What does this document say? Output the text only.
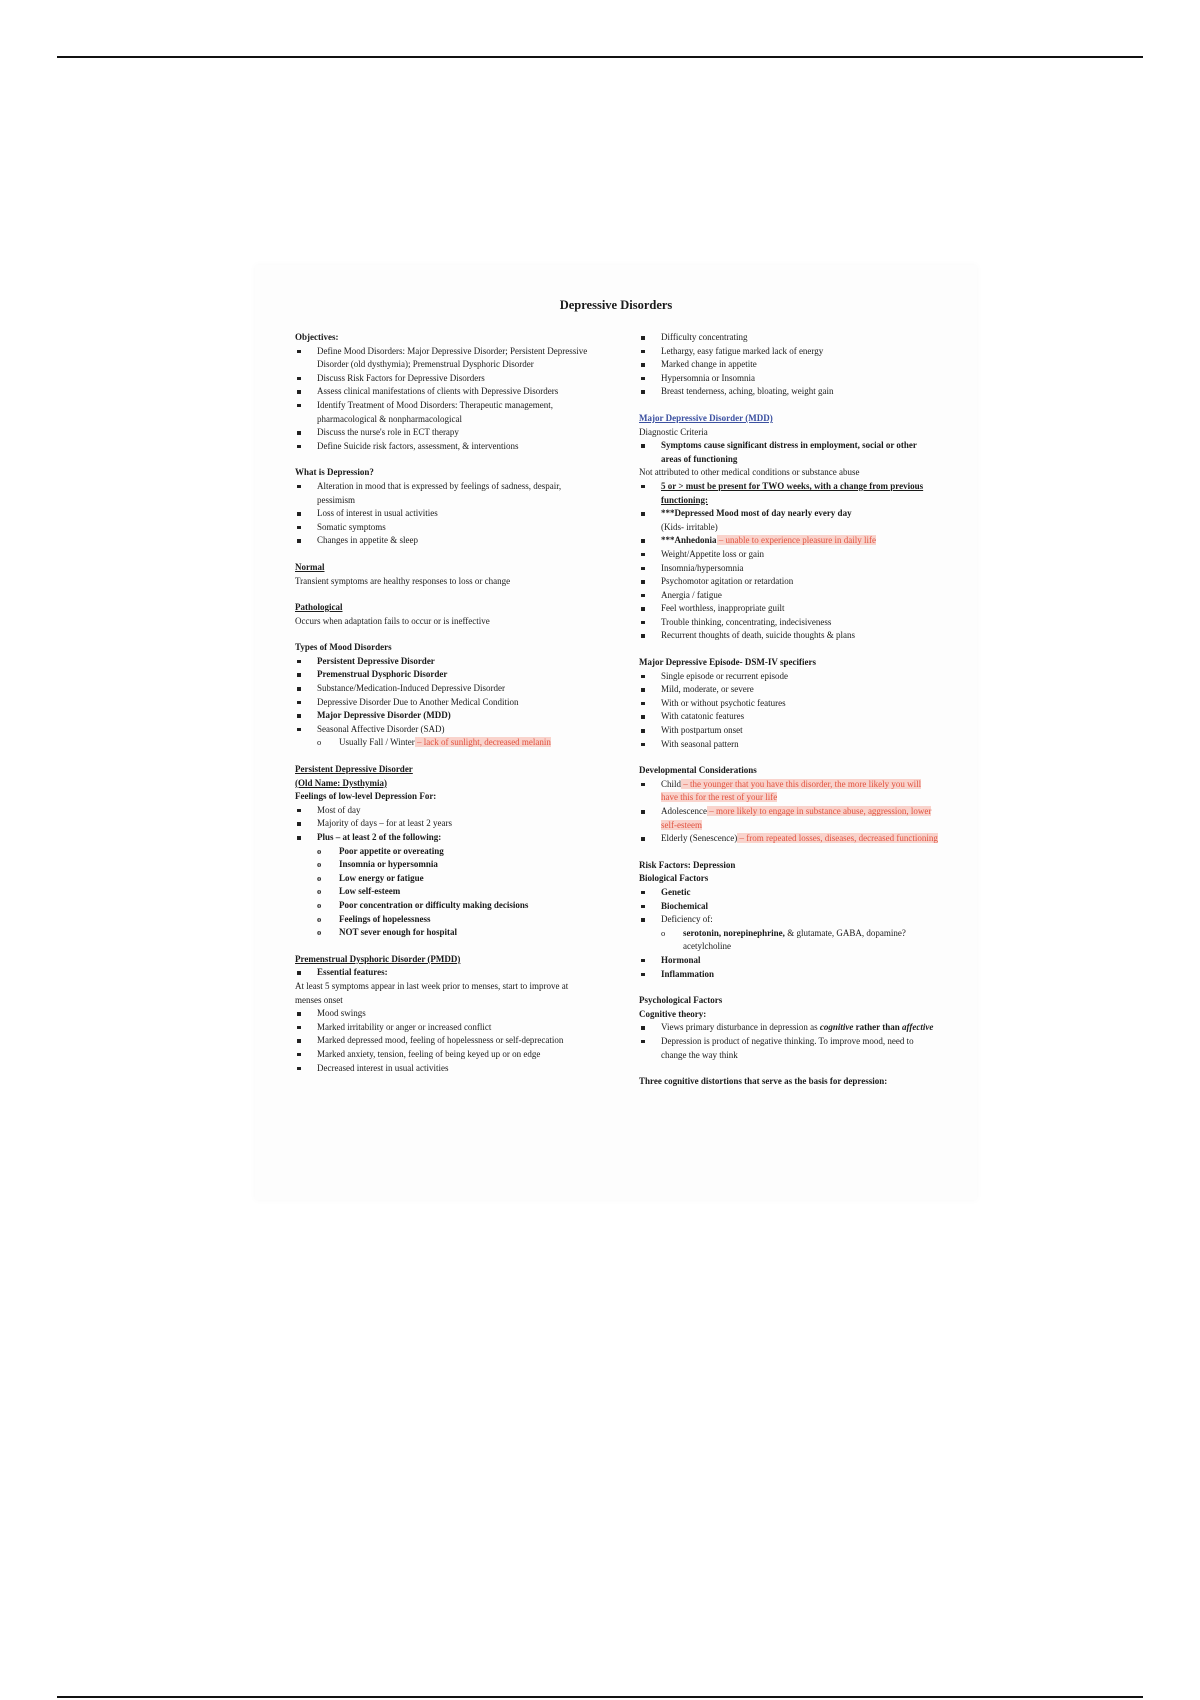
Depressive Disorders
Objectives:
Define Mood Disorders: Major Depressive Disorder; Persistent Depressive Disorder (old dysthymia); Premenstrual Dysphoric Disorder
Discuss Risk Factors for Depressive Disorders
Assess clinical manifestations of clients with Depressive Disorders
Identify Treatment of Mood Disorders: Therapeutic management, pharmacological & nonpharmacological
Discuss the nurse's role in ECT therapy
Define Suicide risk factors, assessment, & interventions
What is Depression?
Alteration in mood that is expressed by feelings of sadness, despair, pessimism
Loss of interest in usual activities
Somatic symptoms
Changes in appetite & sleep
Normal
Transient symptoms are healthy responses to loss or change
Pathological
Occurs when adaptation fails to occur or is ineffective
Types of Mood Disorders
Persistent Depressive Disorder
Premenstrual Dysphoric Disorder
Substance/Medication-Induced Depressive Disorder
Depressive Disorder Due to Another Medical Condition
Major Depressive Disorder (MDD)
Seasonal Affective Disorder (SAD)
o Usually Fall / Winter – lack of sunlight, decreased melanin
Persistent Depressive Disorder
(Old Name: Dysthymia)
Feelings of low-level Depression For:
Most of day
Majority of days – for at least 2 years
Plus – at least 2 of the following:
o Poor appetite or overeating
o Insomnia or hypersomnia
o Low energy or fatigue
o Low self-esteem
o Poor concentration or difficulty making decisions
o Feelings of hopelessness
o NOT sever enough for hospital
Premenstrual Dysphoric Disorder (PMDD)
Essential features:
At least 5 symptoms appear in last week prior to menses, start to improve at menses onset
Mood swings
Marked irritability or anger or increased conflict
Marked depressed mood, feeling of hopelessness or self-deprecation
Marked anxiety, tension, feeling of being keyed up or on edge
Decreased interest in usual activities
Difficulty concentrating
Lethargy, easy fatigue marked lack of energy
Marked change in appetite
Hypersomnia or Insomnia
Breast tenderness, aching, bloating, weight gain
Major Depressive Disorder (MDD)
Diagnostic Criteria
Symptoms cause significant distress in employment, social or other areas of functioning
Not attributed to other medical conditions or substance abuse
5 or > must be present for TWO weeks, with a change from previous functioning:
***Depressed Mood most of day nearly every day
(Kids- irritable)
***Anhedonia – unable to experience pleasure in daily life
Weight/Appetite loss or gain
Insomnia/hypersomnia
Psychomotor agitation or retardation
Anergia / fatigue
Feel worthless, inappropriate guilt
Trouble thinking, concentrating, indecisiveness
Recurrent thoughts of death, suicide thoughts & plans
Major Depressive Episode- DSM-IV specifiers
Single episode or recurrent episode
Mild, moderate, or severe
With or without psychotic features
With catatonic features
With postpartum onset
With seasonal pattern
Developmental Considerations
Child – the younger that you have this disorder, the more likely you will have this for the rest of your life
Adolescence – more likely to engage in substance abuse, aggression, lower self-esteem
Elderly (Senescence) – from repeated losses, diseases, decreased functioning
Risk Factors: Depression
Biological Factors
Genetic
Biochemical
Deficiency of:
o serotonin, norepinephrine, & glutamate, GABA, dopamine? acetylcholine
Hormonal
Inflammation
Psychological Factors
Cognitive theory:
Views primary disturbance in depression as cognitive rather than affective
Depression is product of negative thinking. To improve mood, need to change the way think
Three cognitive distortions that serve as the basis for depression:
